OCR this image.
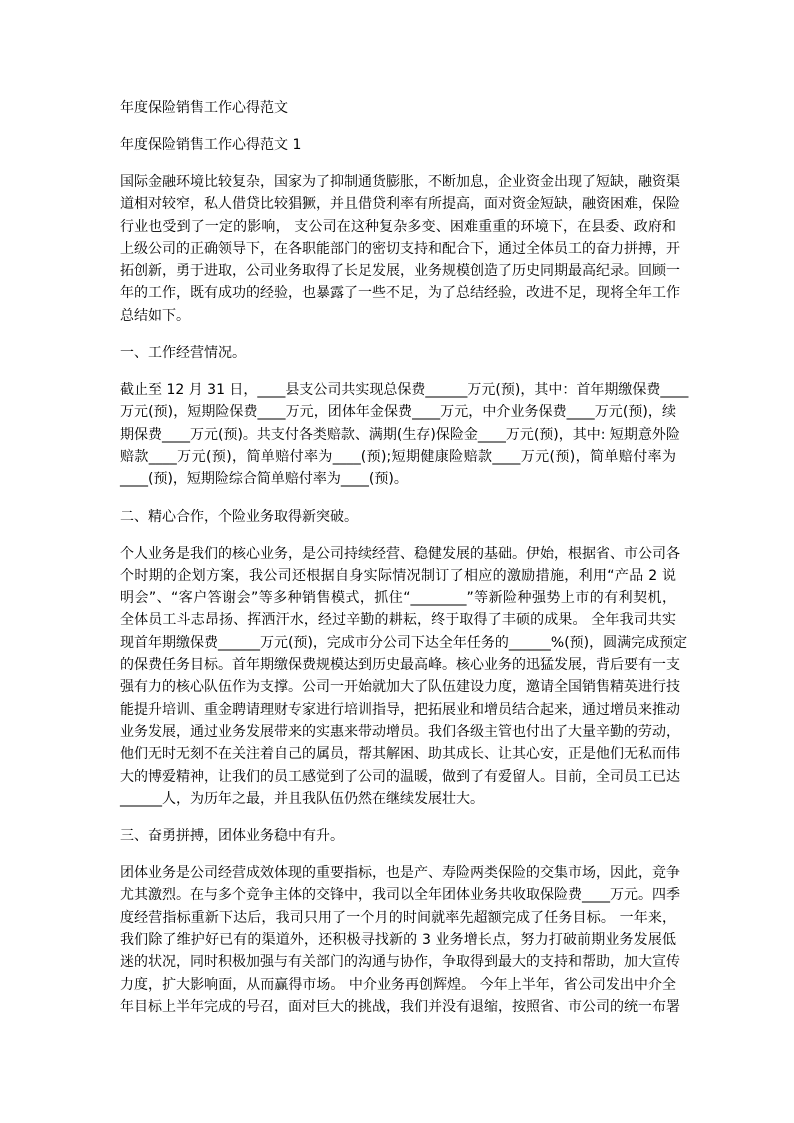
年度保险销售工作心得范文
年度保险销售工作心得范文 1
国际金融环境比较复杂，国家为了抑制通货膨胀，不断加息，企业资金出现了短缺，融资渠
道相对较窄，私人借贷比较猖獗，并且借贷利率有所提高，面对资金短缺，融资困难，保险
行业也受到了一定的影响， 支公司在这种复杂多变、困难重重的环境下，在县委、政府和
上级公司的正确领导下，在各职能部门的密切支持和配合下，通过全体员工的奋力拼搏，开
拓创新，勇于进取，公司业务取得了长足发展，业务规模创造了历史同期最高纪录。回顾一
年的工作，既有成功的经验，也暴露了一些不足，为了总结经验，改进不足，现将全年工作
总结如下。
一、工作经营情况。
截止至 12 月 31 日，____县支公司共实现总保费______万元(预)，其中：首年期缴保费____
万元(预)，短期险保费____万元，团体年金保费____万元，中介业务保费____万元(预)，续
期保费____万元(预)。共支付各类赔款、满期(生存)保险金____万元(预)，其中: 短期意外险
赔款____万元(预)，简单赔付率为____(预);短期健康险赔款____万元(预)，简单赔付率为
____(预)，短期险综合简单赔付率为____(预)。
二、精心合作，个险业务取得新突破。
个人业务是我们的核心业务，是公司持续经营、稳健发展的基础。伊始，根据省、市公司各
个时期的企划方案，我公司还根据自身实际情况制订了相应的激励措施，利用“产品 2 说
明会”、“客户答谢会”等多种销售模式，抓住“________”等新险种强势上市的有利契机，
全体员工斗志昂扬、挥洒汗水，经过辛勤的耕耘，终于取得了丰硕的成果。 全年我司共实
现首年期缴保费______万元(预)，完成市分公司下达全年任务的______%(预)，圆满完成预定
的保费任务目标。首年期缴保费规模达到历史最高峰。核心业务的迅猛发展，背后要有一支
强有力的核心队伍作为支撑。公司一开始就加大了队伍建设力度，邀请全国销售精英进行技
能提升培训、重金聘请理财专家进行培训指导，把拓展业和增员结合起来，通过增员来推动
业务发展，通过业务发展带来的实惠来带动增员。我们各级主管也付出了大量辛勤的劳动，
他们无时无刻不在关注着自己的属员，帮其解困、助其成长、让其心安，正是他们无私而伟
大的博爱精神，让我们的员工感觉到了公司的温暖，做到了有爱留人。目前，全司员工已达
______人，为历年之最，并且我队伍仍然在继续发展壮大。
三、奋勇拼搏，团体业务稳中有升。
团体业务是公司经营成效体现的重要指标，也是产、寿险两类保险的交集市场，因此，竞争
尤其激烈。在与多个竞争主体的交锋中，我司以全年团体业务共收取保险费____万元。四季
度经营指标重新下达后，我司只用了一个月的时间就率先超额完成了任务目标。 一年来，
我们除了维护好已有的渠道外，还积极寻找新的 3 业务增长点，努力打破前期业务发展低
迷的状况，同时积极加强与有关部门的沟通与协作，争取得到最大的支持和帮助，加大宣传
力度，扩大影响面，从而赢得市场。 中介业务再创辉煌。 今年上半年，省公司发出中介全
年目标上半年完成的号召，面对巨大的挑战，我们并没有退缩，按照省、市公司的统一布署
